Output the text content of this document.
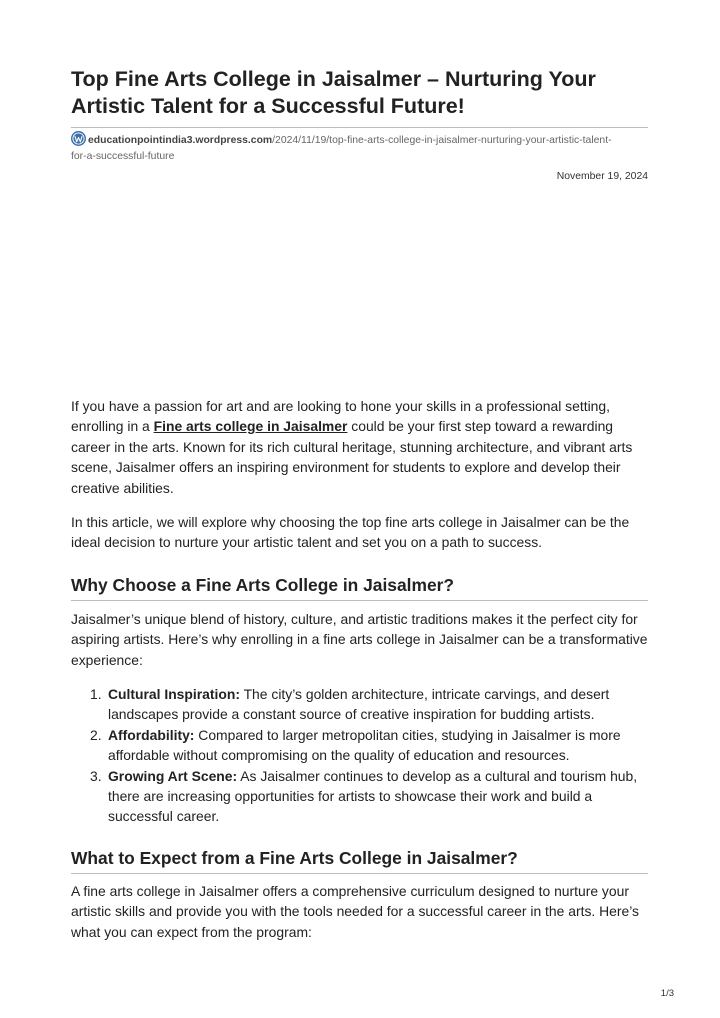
Top Fine Arts College in Jaisalmer – Nurturing Your Artistic Talent for a Successful Future!
educationpointindia3.wordpress.com/2024/11/19/top-fine-arts-college-in-jaisalmer-nurturing-your-artistic-talent-
for-a-successful-future
November 19, 2024

If you have a passion for art and are looking to hone your skills in a professional setting, enrolling in a Fine arts college in Jaisalmer could be your first step toward a rewarding career in the arts. Known for its rich cultural heritage, stunning architecture, and vibrant arts scene, Jaisalmer offers an inspiring environment for students to explore and develop their creative abilities.

In this article, we will explore why choosing the top fine arts college in Jaisalmer can be the ideal decision to nurture your artistic talent and set you on a path to success.

Why Choose a Fine Arts College in Jaisalmer?

Jaisalmer’s unique blend of history, culture, and artistic traditions makes it the perfect city for aspiring artists. Here’s why enrolling in a fine arts college in Jaisalmer can be a transformative experience:

1. Cultural Inspiration: The city’s golden architecture, intricate carvings, and desert landscapes provide a constant source of creative inspiration for budding artists.
2. Affordability: Compared to larger metropolitan cities, studying in Jaisalmer is more affordable without compromising on the quality of education and resources.
3. Growing Art Scene: As Jaisalmer continues to develop as a cultural and tourism hub, there are increasing opportunities for artists to showcase their work and build a successful career.
What to Expect from a Fine Arts College in Jaisalmer?

A fine arts college in Jaisalmer offers a comprehensive curriculum designed to nurture your artistic skills and provide you with the tools needed for a successful career in the arts. Here’s what you can expect from the program:

1/3
